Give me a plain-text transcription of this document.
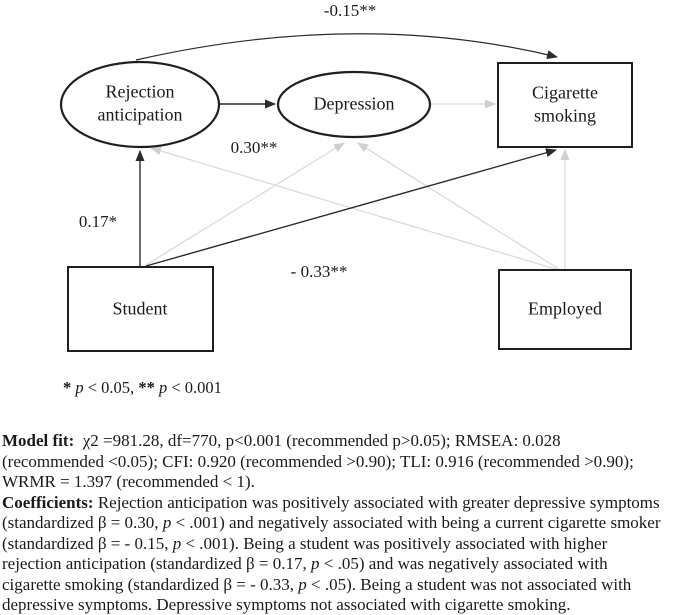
Rejection anticipation
Depression
Cigarette smoking
Student	Employed
-0.15**
0.30**
0.17*
- 0.33**
* p < 0.05, ** p < 0.001
Model fit:  χ2 =981.28, df=770, p<0.001 (recommended p>0.05); RMSEA: 0.028
(recommended <0.05); CFI: 0.920 (recommended >0.90); TLI: 0.916 (recommended >0.90);
WRMR = 1.397 (recommended < 1).
Coefficients: Rejection anticipation was positively associated with greater depressive symptoms
(standardized β = 0.30, p < .001) and negatively associated with being a current cigarette smoker
(standardized β = - 0.15, p < .001). Being a student was positively associated with higher
rejection anticipation (standardized β = 0.17, p < .05) and was negatively associated with
cigarette smoking (standardized β = - 0.33, p < .05). Being a student was not associated with
depressive symptoms. Depressive symptoms not associated with cigarette smoking.
